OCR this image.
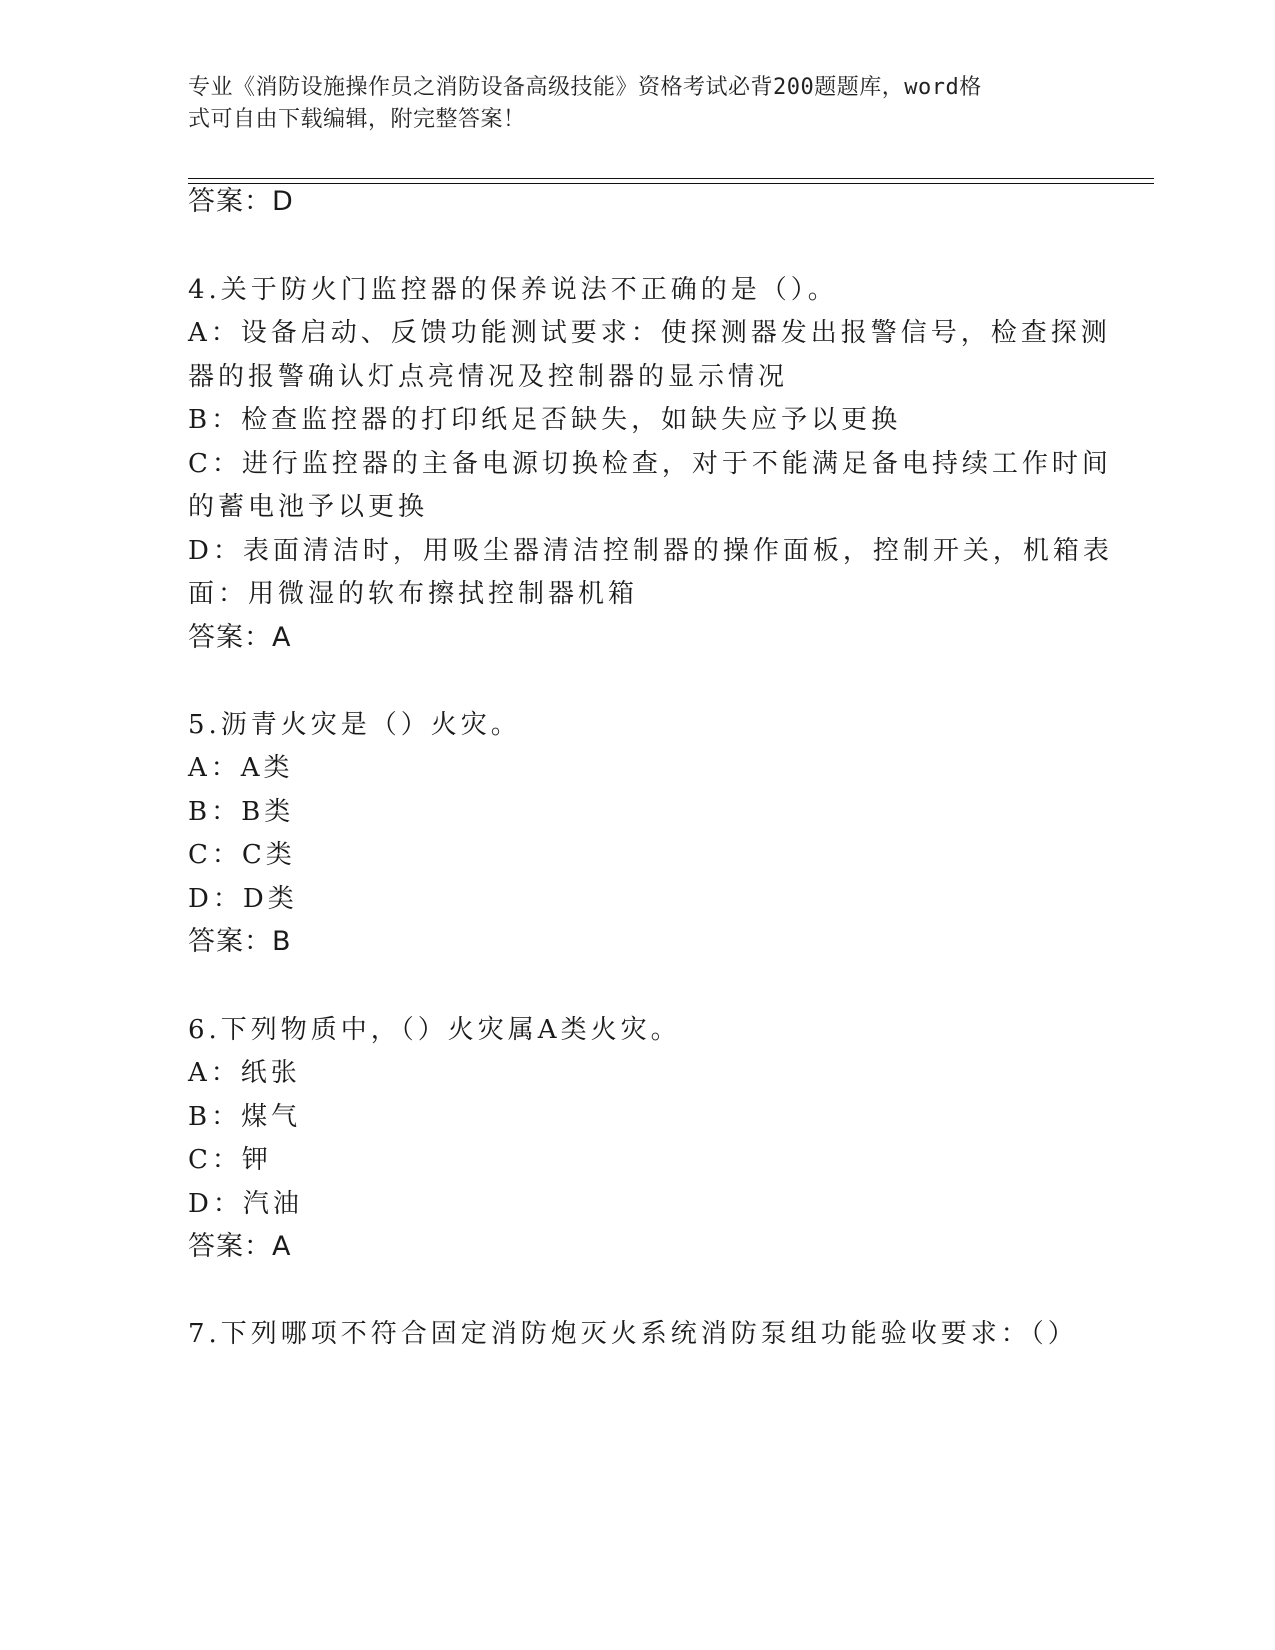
专业《消防设施操作员之消防设备高级技能》资格考试必背200题题库，word格
式可自由下载编辑，附完整答案！
答案：D
4.关于防火门监控器的保养说法不正确的是（）。
A：设备启动、反馈功能测试要求：使探测器发出报警信号，检查探测
器的报警确认灯点亮情况及控制器的显示情况
B：检查监控器的打印纸足否缺失，如缺失应予以更换
C：进行监控器的主备电源切换检查，对于不能满足备电持续工作时间
的蓄电池予以更换
D：表面清洁时，用吸尘器清洁控制器的操作面板，控制开关，机箱表
面：用微湿的软布擦拭控制器机箱
答案：A
5.沥青火灾是（）火灾。
A：A类
B：B类
C：C类
D：D类
答案：B
6.下列物质中，（）火灾属A类火灾。
A：纸张
B：煤气
C：钾
D：汽油
答案：A
7.下列哪项不符合固定消防炮灭火系统消防泵组功能验收要求：（）
